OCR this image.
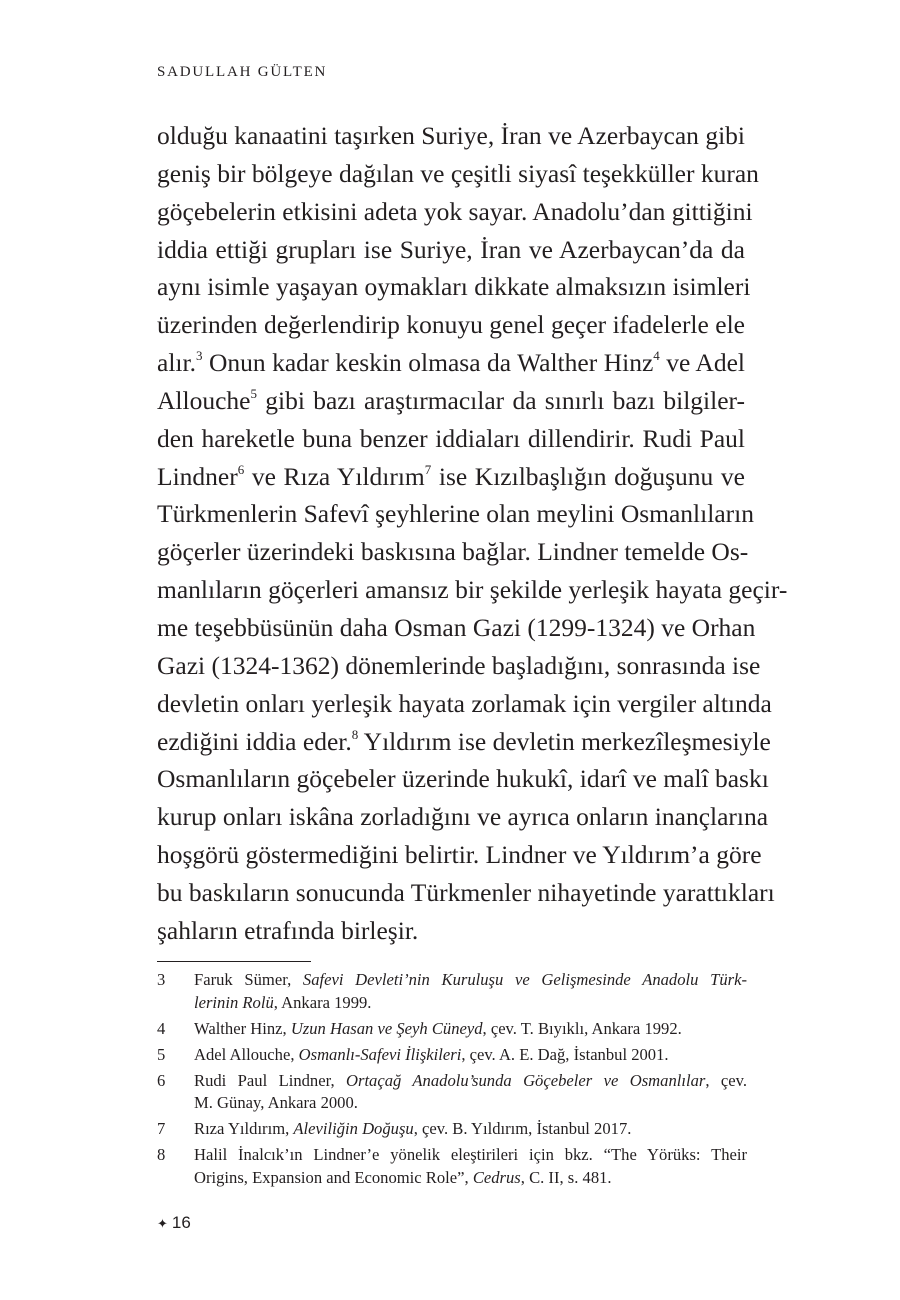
SADULLAH GÜLTEN
olduğu kanaatini taşırken Suriye, İran ve Azerbaycan gibi
geniş bir bölgeye dağılan ve çeşitli siyasî teşekküller kuran
göçebelerin etkisini adeta yok sayar. Anadolu’dan gittiğini
iddia ettiği grupları ise Suriye, İran ve Azerbaycan’da da
aynı isimle yaşayan oymakları dikkate almaksızın isimleri
üzerinden değerlendirip konuyu genel geçer ifadelerle ele
alır.$^3$ Onun kadar keskin olmasa da Walther Hinz$^4$ ve Adel
Allouche$^5$ gibi bazı araştırmacılar da sınırlı bazı bilgiler-
den hareketle buna benzer iddiaları dillendirir. Rudi Paul
Lindner$^6$ ve Rıza Yıldırım$^7$ ise Kızılbaşlığın doğuşunu ve
Türkmenlerin Safevî şeyhlerine olan meylini Osmanlıların
göçerler üzerindeki baskısına bağlar. Lindner temelde Os-
manlıların göçerleri amansız bir şekilde yerleşik hayata geçir-
me teşebbüsünün daha Osman Gazi (1299-1324) ve Orhan
Gazi (1324-1362) dönemlerinde başladığını, sonrasında ise
devletin onları yerleşik hayata zorlamak için vergiler altında
ezdiğini iddia eder.$^8$ Yıldırım ise devletin merkezîleşmesiyle
Osmanlıların göçebeler üzerinde hukukî, idarî ve malî baskı
kurup onları iskâna zorladığını ve ayrıca onların inançlarına
hoşgörü göstermediğini belirtir. Lindner ve Yıldırım’a göre
bu baskıların sonucunda Türkmenler nihayetinde yarattıkları
şahların etrafında birleşir.
3	Faruk Sümer, Safevi Devleti’nin Kuruluşu ve Gelişmesinde Anadolu Türk-
lerinin Rolü, Ankara 1999.
4	Walther Hinz, Uzun Hasan ve Şeyh Cüneyd, çev. T. Bıyıklı, Ankara 1992.
5	Adel Allouche, Osmanlı-Safevi İlişkileri, çev. A. E. Dağ, İstanbul 2001.
6	Rudi Paul Lindner, Ortaçağ Anadolu’sunda Göçebeler ve Osmanlılar, çev.
M. Günay, Ankara 2000.
7	Rıza Yıldırım, Aleviliğin Doğuşu, çev. B. Yıldırım, İstanbul 2017.
8	Halil İnalcık’ın Lindner’e yönelik eleştirileri için bkz. “The Yörüks: Their
Origins, Expansion and Economic Role”, Cedrus, C. II, s. 481.
✦ 16
